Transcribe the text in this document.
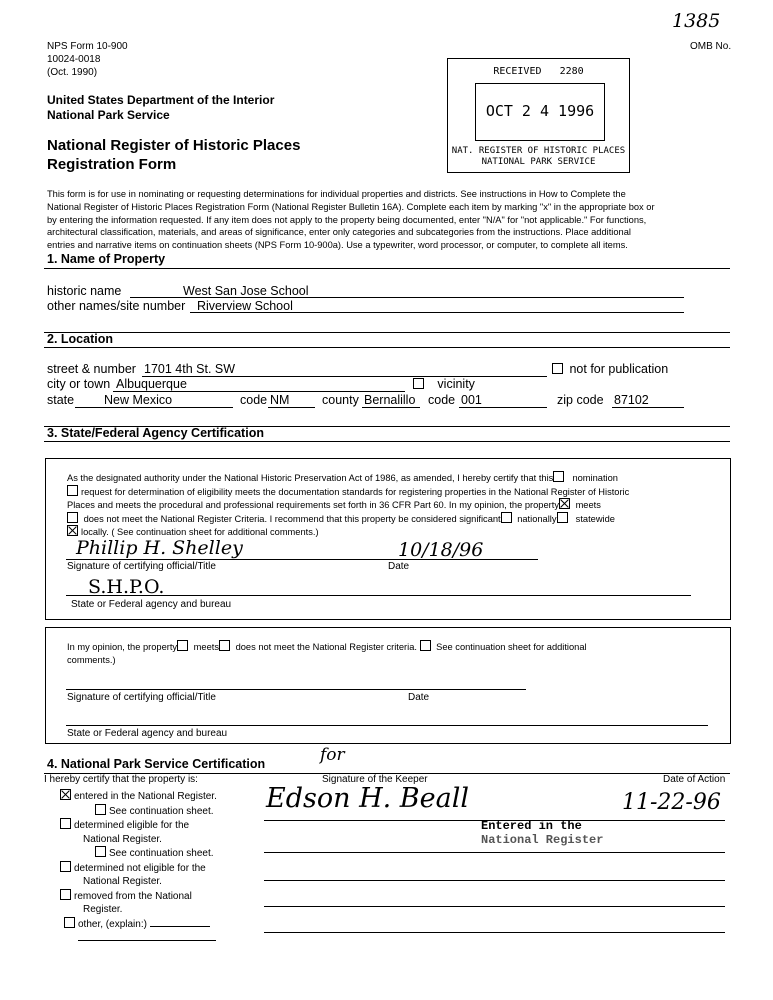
1385
NPS Form 10-900
10024-0018
(Oct. 1990)
OMB No.
United States Department of the Interior
National Park Service
National Register of Historic Places
Registration Form
RECEIVED 2280
OCT 2 4 1996
NAT. REGISTER OF HISTORIC PLACES
NATIONAL PARK SERVICE
This form is for use in nominating or requesting determinations for individual properties and districts. See instructions in How to Complete the
National Register of Historic Places Registration Form (National Register Bulletin 16A). Complete each item by marking "x" in the appropriate box or
by entering the information requested. If any item does not apply to the property being documented, enter "N/A" for "not applicable." For functions,
architectural classification, materials, and areas of significance, enter only categories and subcategories from the instructions. Place additional
entries and narrative items on continuation sheets (NPS Form 10-900a). Use a typewriter, word processor, or computer, to complete all items.
1. Name of Property
historic name	West San Jose School
other names/site number Riverview School
2. Location
street & number 1701 4th St. SW	not for publication
city or town Albuquerque	vicinity
state New Mexico	code NM	county Bernalillo code 001	zip code 87102
3. State/Federal Agency Certification
As the designated authority under the National Historic Preservation Act of 1986, as amended, I hereby certify that this nomination
request for determination of eligibility meets the documentation standards for registering properties in the National Register of Historic
Places and meets the procedural and professional requirements set forth in 36 CFR Part 60. In my opinion, the property meets
does not meet the National Register Criteria. I recommend that this property be considered significant nationally statewide
locally. ( See continuation sheet for additional comments.)
Phillip H. Shelley	10/18/96
Signature of certifying official/Title	Date
S.H.P.O.
State or Federal agency and bureau
In my opinion, the property meets does not meet the National Register criteria. See continuation sheet for additional
comments.)
Signature of certifying official/Title	Date
State or Federal agency and bureau
4. National Park Service Certification
I hereby certify that the property is:	Signature of the Keeper	Date of Action
for
Edson H. Beall	11-22-96
entered in the National Register.
See continuation sheet.
determined eligible for the
National Register.
See continuation sheet.
determined not eligible for the
National Register.
removed from the National
Register.
other, (explain:)
Entered in the
National Register
